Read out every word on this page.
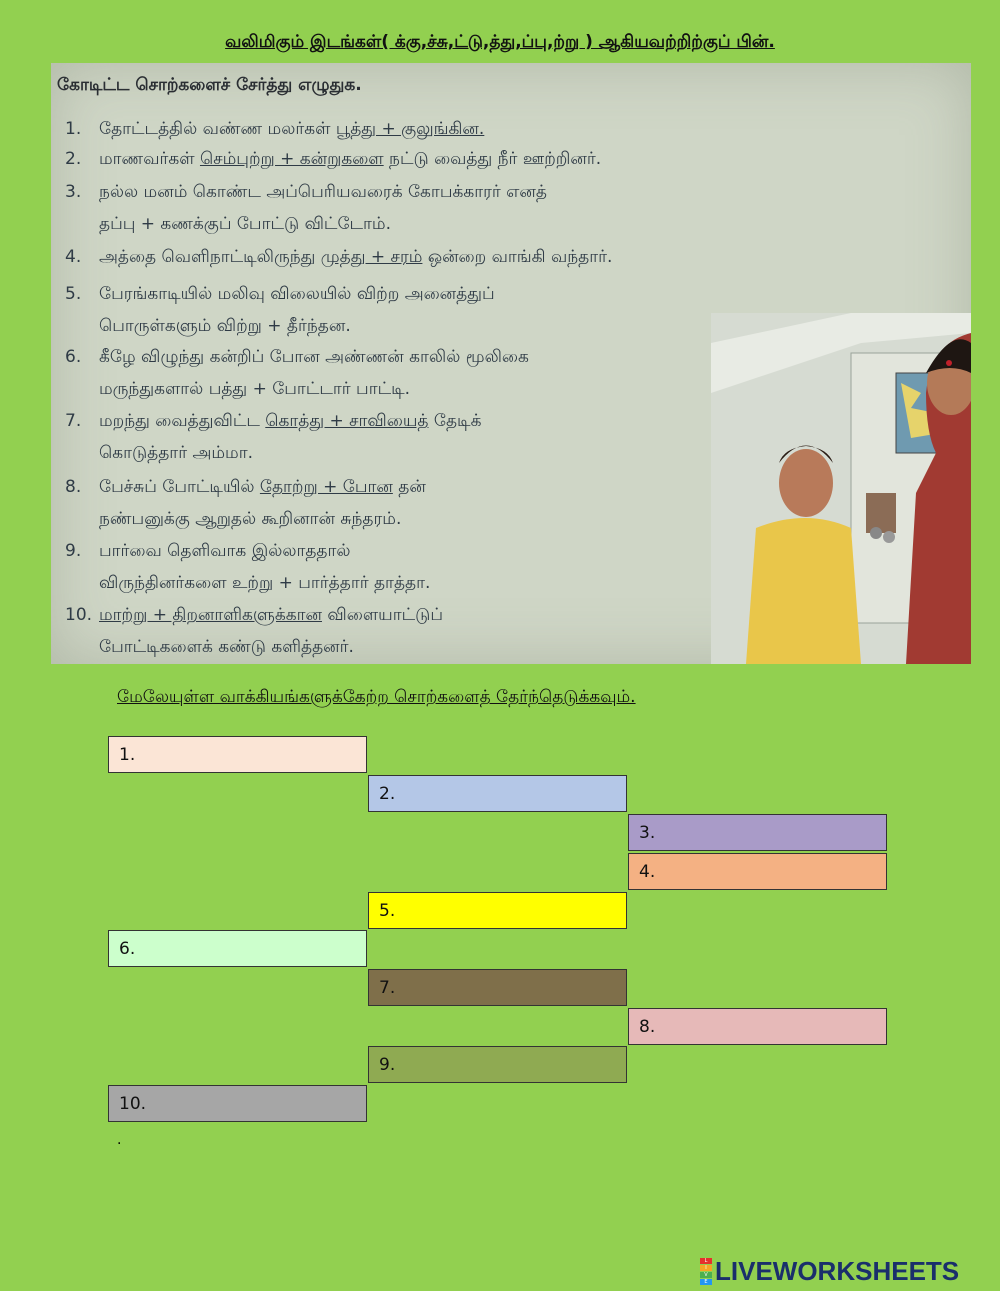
வலிமிகும் இடங்கள்( க்கு,ச்சு,ட்டு,த்து,ப்பு,ற்று ) ஆகியவற்றிற்குப் பின்.
கோடிட்ட சொற்களைச் சேர்த்து எழுதுக.
1. தோட்டத்தில் வண்ண மலர்கள் பூத்து + குலுங்கின.
2. மாணவர்கள் செம்புற்று + கன்றுகளை நட்டு வைத்து நீர் ஊற்றினர்.
3. நல்ல மனம் கொண்ட அப்பெரியவரைக் கோபக்காரர் எனத்
தப்பு + கணக்குப் போட்டு விட்டோம்.
4. அத்தை வெளிநாட்டிலிருந்து முத்து + சரம் ஒன்றை வாங்கி வந்தார்.
5. பேரங்காடியில் மலிவு விலையில் விற்ற அனைத்துப்
பொருள்களும் விற்று + தீர்ந்தன.
6. கீழே விழுந்து கன்றிப் போன அண்ணன் காலில் மூலிகை
மருந்துகளால் பத்து + போட்டார் பாட்டி.
7. மறந்து வைத்துவிட்ட கொத்து + சாவியைத் தேடிக்
கொடுத்தார் அம்மா.
8. பேச்சுப் போட்டியில் தோற்று + போன தன்
நண்பனுக்கு ஆறுதல் கூறினான் சுந்தரம்.
9. பார்வை தெளிவாக இல்லாததால்
விருந்தினர்களை உற்று + பார்த்தார் தாத்தா.
10. மாற்று + திறனாளிகளுக்கான விளையாட்டுப்
போட்டிகளைக் கண்டு களித்தனர்.
மேலேயுள்ள வாக்கியங்களுக்கேற்ற சொற்களைத் தேர்ந்தெடுக்கவும்.
1.
2.
3.
4.
5.
6.
7.
8.
9.
10.
.
L
I
V
E LIVEWORKSHEETS
